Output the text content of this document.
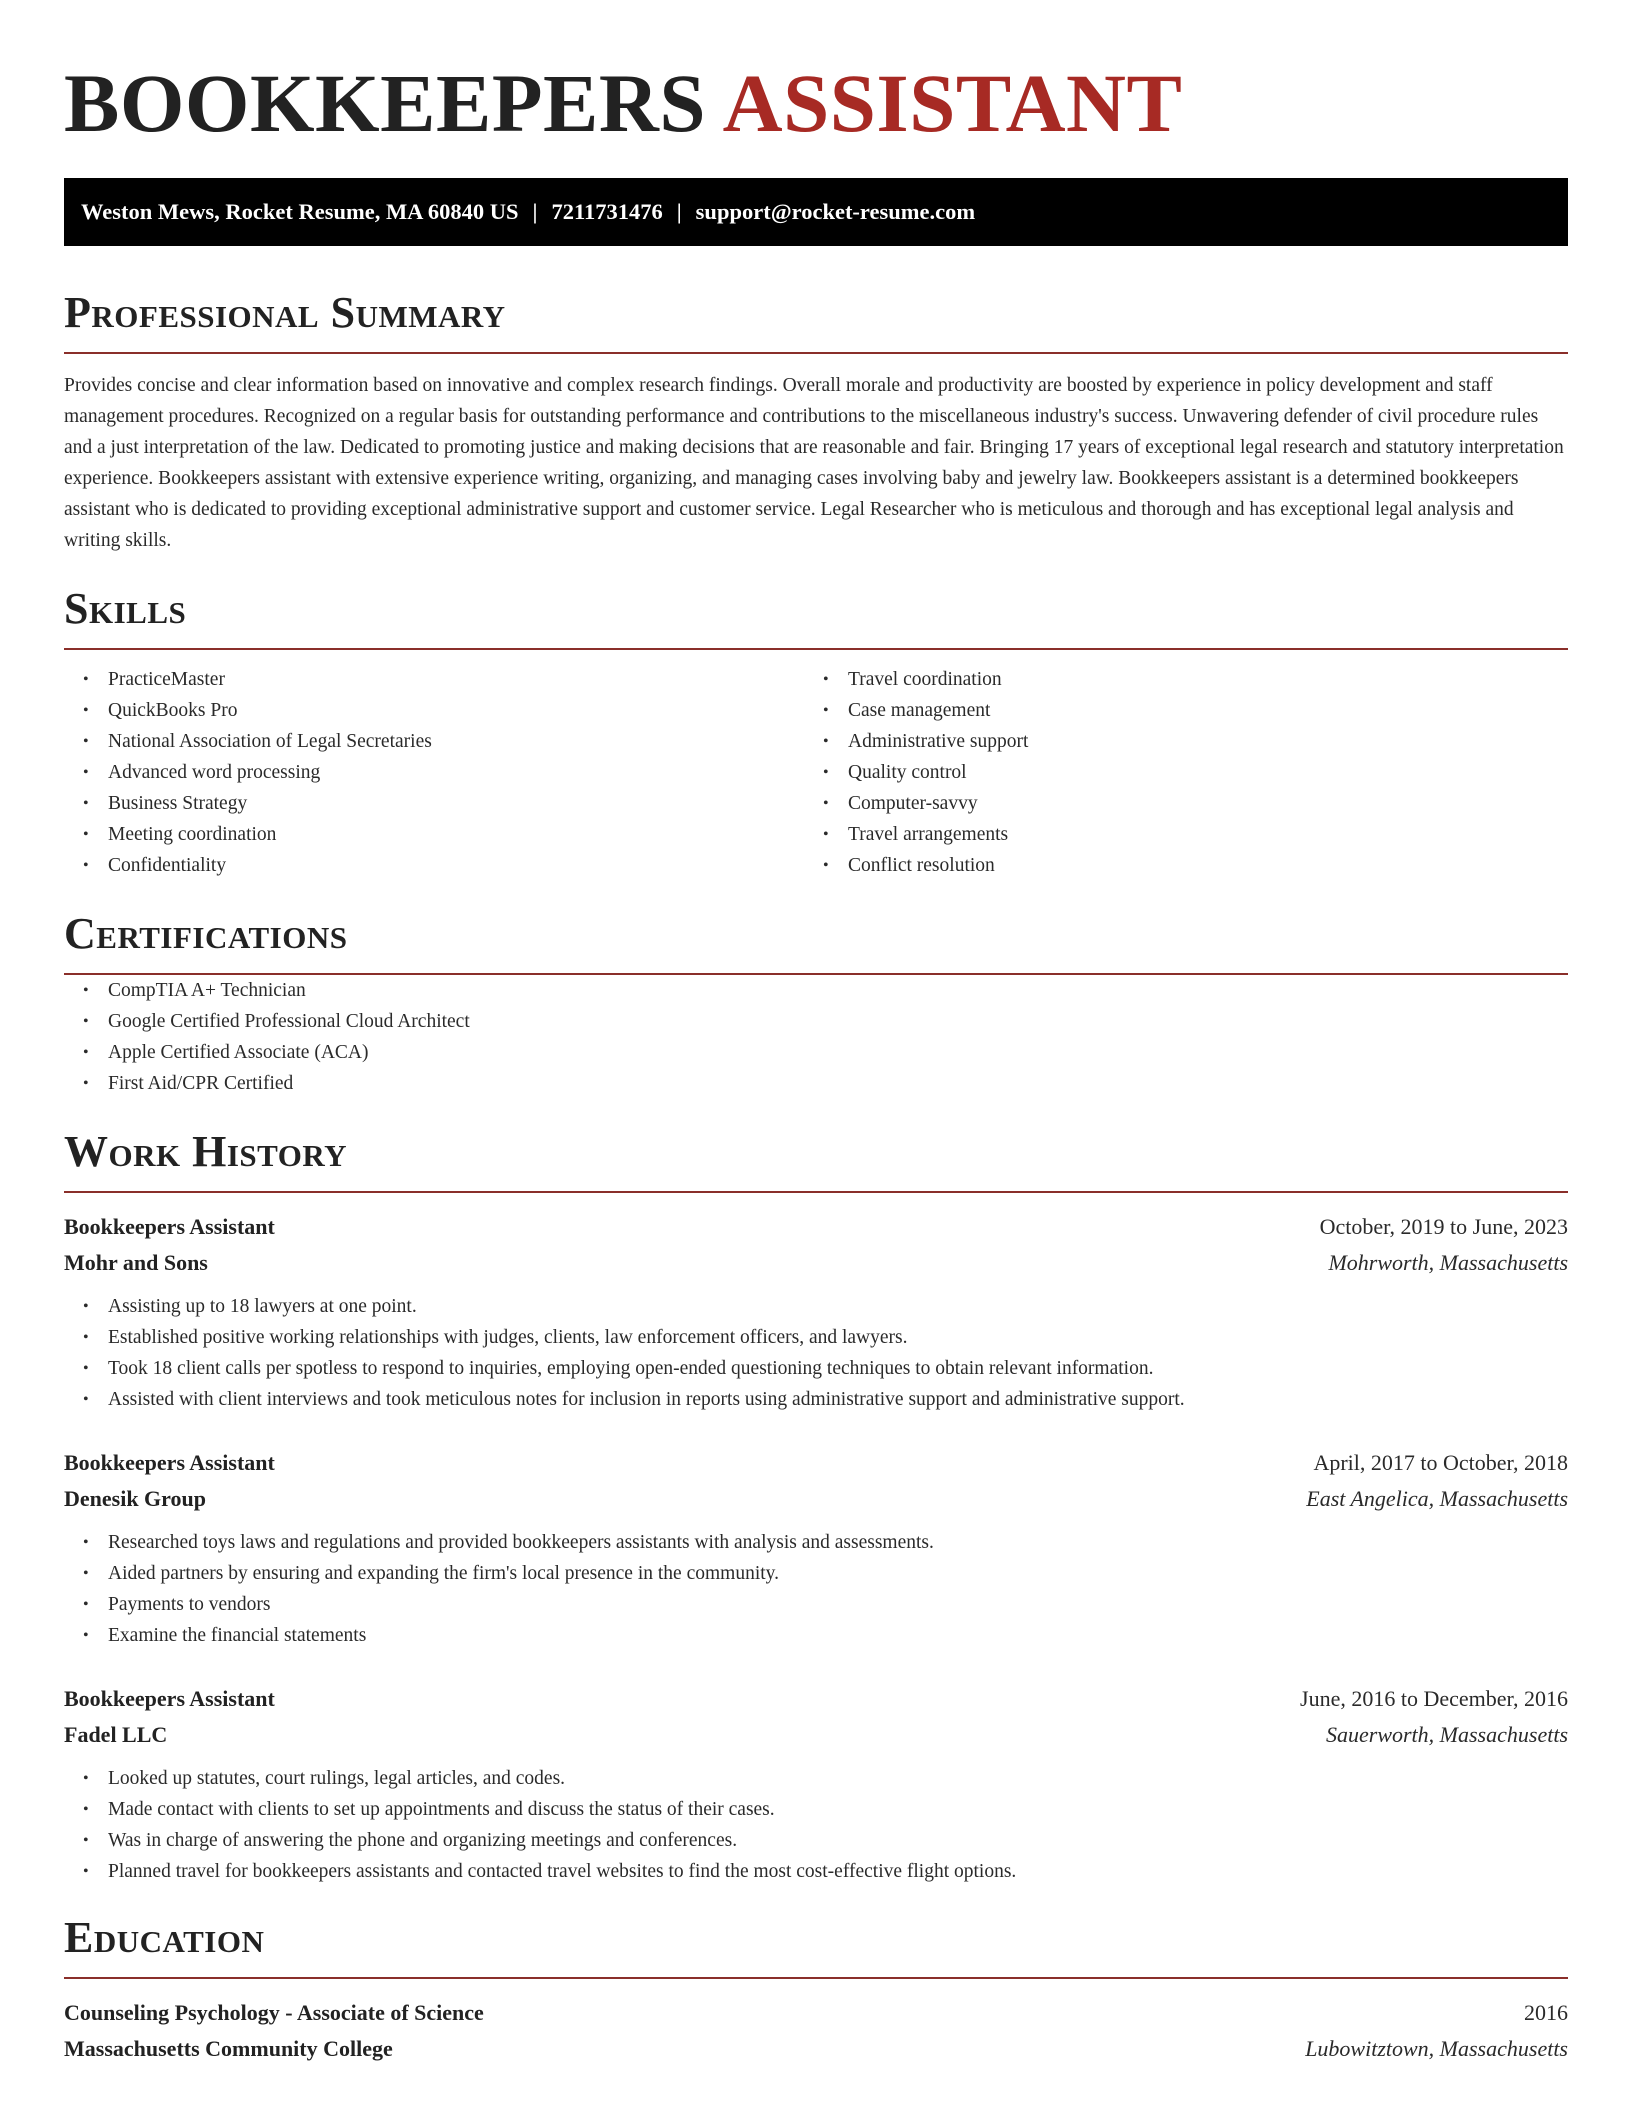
BOOKKEEPERS ASSISTANT
Weston Mews, Rocket Resume, MA 60840 US | 7211731476 | support@rocket-resume.com
Professional Summary

Provides concise and clear information based on innovative and complex research findings. Overall morale and productivity are boosted by experience in policy development and staff management procedures. Recognized on a regular basis for outstanding performance and contributions to the miscellaneous industry's success. Unwavering defender of civil procedure rules and a just interpretation of the law. Dedicated to promoting justice and making decisions that are reasonable and fair. Bringing 17 years of exceptional legal research and statutory interpretation experience. Bookkeepers assistant with extensive experience writing, organizing, and managing cases involving baby and jewelry law. Bookkeepers assistant is a determined bookkeepers assistant who is dedicated to providing exceptional administrative support and customer service. Legal Researcher who is meticulous and thorough and has exceptional legal analysis and writing skills.

Skills
• PracticeMaster
• QuickBooks Pro
• National Association of Legal Secretaries
• Advanced word processing
• Business Strategy
• Meeting coordination
• Confidentiality
• Travel coordination
• Case management
• Administrative support
• Quality control
• Computer-savvy
• Travel arrangements
• Conflict resolution
Certifications
• CompTIA A+ Technician
• Google Certified Professional Cloud Architect
• Apple Certified Associate (ACA)
• First Aid/CPR Certified
Work History
Bookkeepers Assistant	October, 2019 to June, 2023
Mohr and Sons	Mohrworth, Massachusetts
• Assisting up to 18 lawyers at one point.
• Established positive working relationships with judges, clients, law enforcement officers, and lawyers.
• Took 18 client calls per spotless to respond to inquiries, employing open-ended questioning techniques to obtain relevant information.
• Assisted with client interviews and took meticulous notes for inclusion in reports using administrative support and administrative support.
Bookkeepers Assistant	April, 2017 to October, 2018
Denesik Group	East Angelica, Massachusetts
• Researched toys laws and regulations and provided bookkeepers assistants with analysis and assessments.
• Aided partners by ensuring and expanding the firm's local presence in the community.
• Payments to vendors
• Examine the financial statements
Bookkeepers Assistant	June, 2016 to December, 2016
Fadel LLC	Sauerworth, Massachusetts
• Looked up statutes, court rulings, legal articles, and codes.
• Made contact with clients to set up appointments and discuss the status of their cases.
• Was in charge of answering the phone and organizing meetings and conferences.
• Planned travel for bookkeepers assistants and contacted travel websites to find the most cost-effective flight options.
Education
Counseling Psychology - Associate of Science	2016
Massachusetts Community College	Lubowitztown, Massachusetts
